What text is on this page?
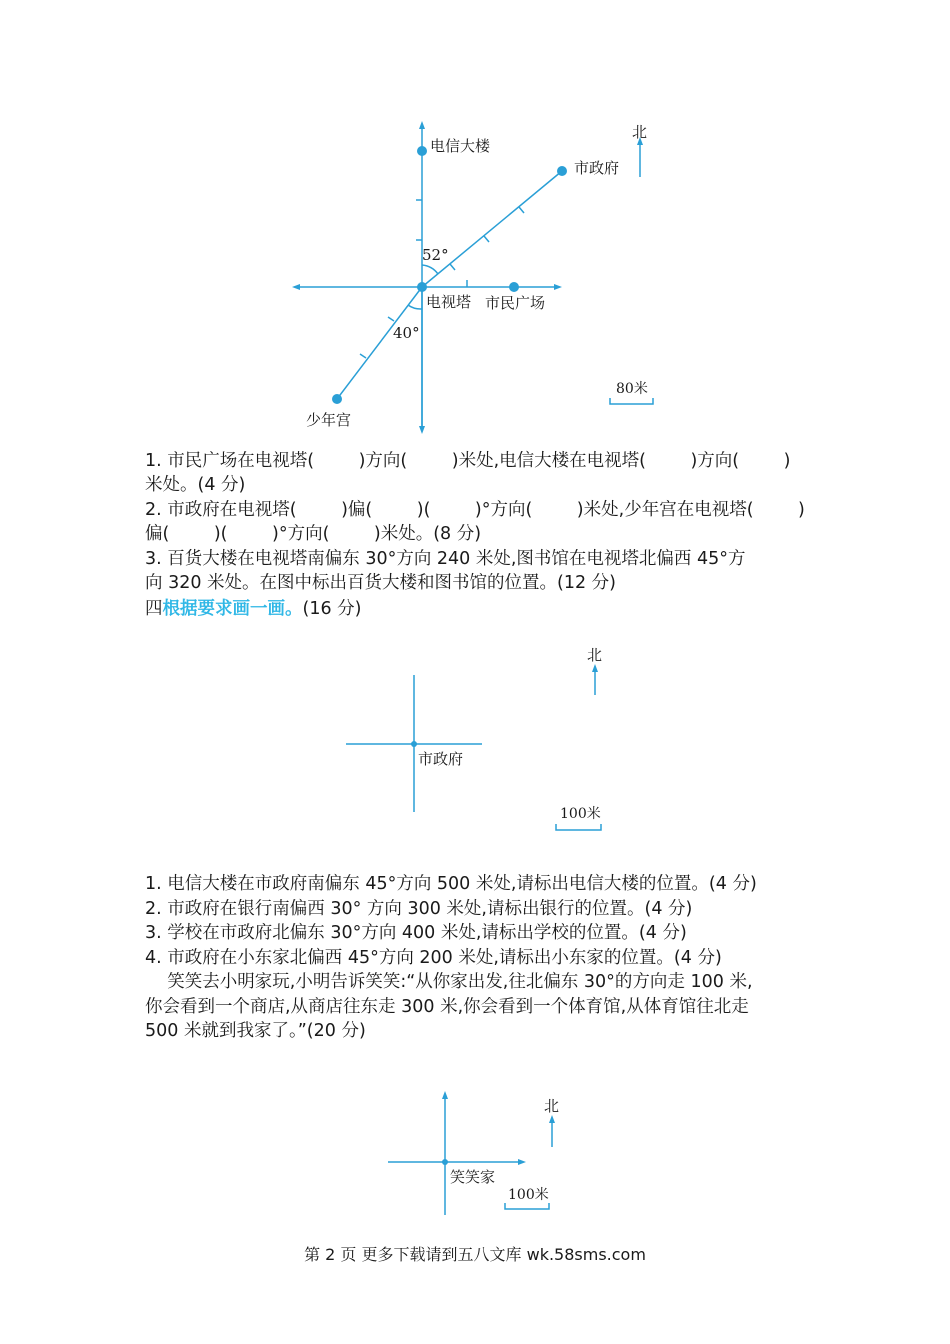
电信大楼
市政府
电视塔 市民广场
少年宫
52°
40°
北
80米
1. 市民广场在电视塔(        )方向(        )米处,电信大楼在电视塔(        )方向(        )
米处。(4 分)
2. 市政府在电视塔(        )偏(        )(        )°方向(        )米处,少年宫在电视塔(        )
偏(        )(        )°方向(        )米处。(8 分)
3. 百货大楼在电视塔南偏东 30°方向 240 米处,图书馆在电视塔北偏西 45°方
向 320 米处。在图中标出百货大楼和图书馆的位置。(12 分)
四根据要求画一画。(16 分)
市政府
北
100米
1. 电信大楼在市政府南偏东 45°方向 500 米处,请标出电信大楼的位置。(4 分)
2. 市政府在银行南偏西 30° 方向 300 米处,请标出银行的位置。(4 分)
3. 学校在市政府北偏东 30°方向 400 米处,请标出学校的位置。(4 分)
4. 市政府在小东家北偏西 45°方向 200 米处,请标出小东家的位置。(4 分)
笑笑去小明家玩,小明告诉笑笑:“从你家出发,往北偏东 30°的方向走 100 米,
你会看到一个商店,从商店往东走 300 米,你会看到一个体育馆,从体育馆往北走
500 米就到我家了。”(20 分)
笑笑家
北
100米
第 2 页 更多下载请到五八文库 wk.58sms.com
